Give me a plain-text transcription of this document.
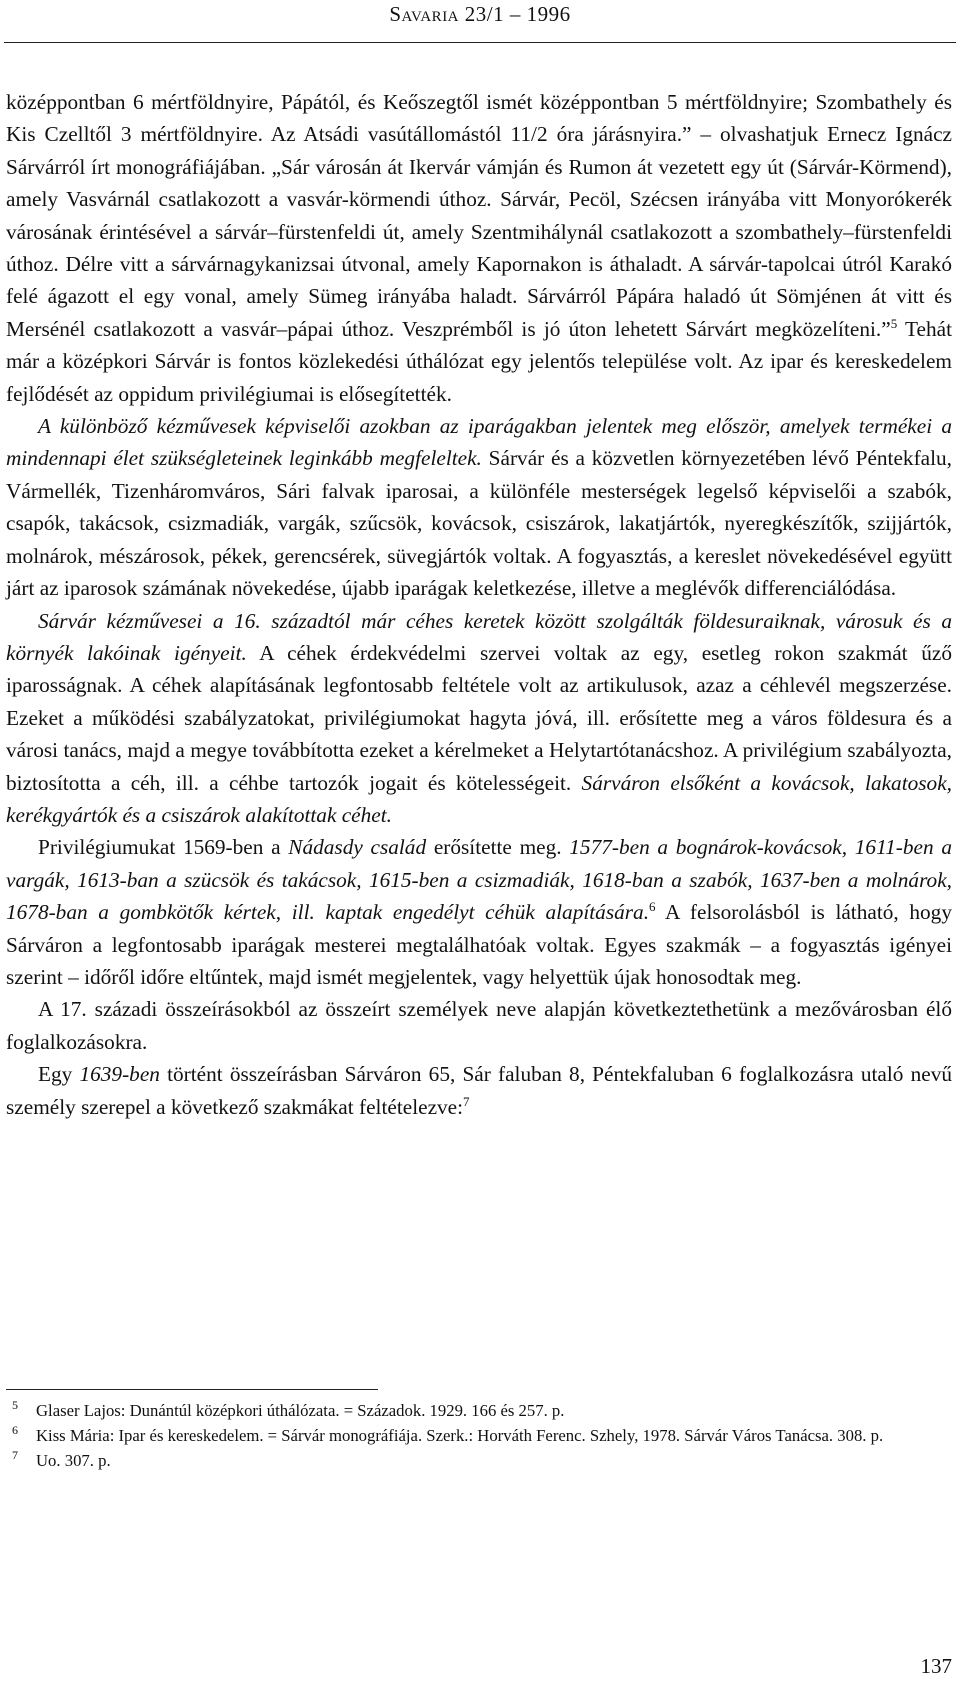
Savaria 23/1 – 1996

középpontban 6 mértföldnyire, Pápától, és Keőszegtől ismét középpontban 5 mértföldnyire; Szombathely és Kis Czelltől 3 mértföldnyire. Az Atsádi vasútállomástól 11/2 óra járásnyira.” – olvashatjuk Ernecz Ignácz Sárvárról írt monográfiájában. „Sár városán át Ikervár vámján és Rumon át vezetett egy út (Sárvár-Körmend), amely Vasvárnál csatlakozott a vasvár-körmendi úthoz. Sárvár, Pecöl, Szécsen irányába vitt Monyorókerék városának érintésével a sárvár–fürstenfeldi út, amely Szentmihálynál csatlakozott a szombathely–fürstenfeldi úthoz. Délre vitt a sárvárnagykanizsai útvonal, amely Kapornakon is áthaladt. A sárvár-tapolcai útról Karakó felé ágazott el egy vonal, amely Sümeg irányába haladt. Sárvárról Pápára haladó út Sömjénen át vitt és Mersénél csatlakozott a vasvár–pápai úthoz. Veszprémből is jó úton lehetett Sárvárt megközelíteni.”$^5$ Tehát már a középkori Sárvár is fontos közlekedési úthálózat egy jelentős települése volt. Az ipar és kereskedelem fejlődését az oppidum privilégiumai is elősegítették.

A különböző kézművesek képviselői azokban az iparágakban jelentek meg először, amelyek termékei a mindennapi élet szükségleteinek leginkább megfeleltek. Sárvár és a közvetlen környezetében lévő Péntekfalu, Vármellék, Tizenháromváros, Sári falvak iparosai, a különféle mesterségek legelső képviselői a szabók, csapók, takácsok, csizmadiák, vargák, szűcsök, kovácsok, csiszárok, lakatjártók, nyeregkészítők, szijjártók, molnárok, mészárosok, pékek, gerencsérek, süvegjártók voltak. A fogyasztás, a kereslet növekedésével együtt járt az iparosok számának növekedése, újabb iparágak keletkezése, illetve a meglévők differenciálódása.

Sárvár kézművesei a 16. századtól már céhes keretek között szolgálták földesuraiknak, városuk és a környék lakóinak igényeit. A céhek érdekvédelmi szervei voltak az egy, esetleg rokon szakmát űző iparosságnak. A céhek alapításának legfontosabb feltétele volt az artikulusok, azaz a céhlevél megszerzése. Ezeket a működési szabályzatokat, privilégiumokat hagyta jóvá, ill. erősítette meg a város földesura és a városi tanács, majd a megye továbbította ezeket a kérelmeket a Helytartótanácshoz. A privilégium szabályozta, biztosította a céh, ill. a céhbe tartozók jogait és kötelességeit. Sárváron elsőként a kovácsok, lakatosok, kerékgyártók és a csiszárok alakítottak céhet.

Privilégiumukat 1569-ben a Nádasdy család erősítette meg. 1577-ben a bognárok-kovácsok, 1611-ben a vargák, 1613-ban a szücsök és takácsok, 1615-ben a csizmadiák, 1618-ban a szabók, 1637-ben a molnárok, 1678-ban a gombkötők kértek, ill. kaptak engedélyt céhük alapítására.$^6$ A felsorolásból is látható, hogy Sárváron a legfontosabb iparágak mesterei megtalálhatóak voltak. Egyes szakmák – a fogyasztás igényei szerint – időről időre eltűntek, majd ismét megjelentek, vagy helyettük újak honosodtak meg.

A 17. századi összeírásokból az összeírt személyek neve alapján következtethetünk a mezővárosban élő foglalkozásokra.

Egy 1639-ben történt összeírásban Sárváron 65, Sár faluban 8, Péntekfaluban 6 foglalkozásra utaló nevű személy szerepel a következő szakmákat feltételezve:$^7$

5 Glaser Lajos: Dunántúl középkori úthálózata. = Századok. 1929. 166 és 257. p.
6 Kiss Mária: Ipar és kereskedelem. = Sárvár monográfiája. Szerk.: Horváth Ferenc. Szhely, 1978. Sárvár Város Tanácsa. 308. p.
7 Uo. 307. p.
137
